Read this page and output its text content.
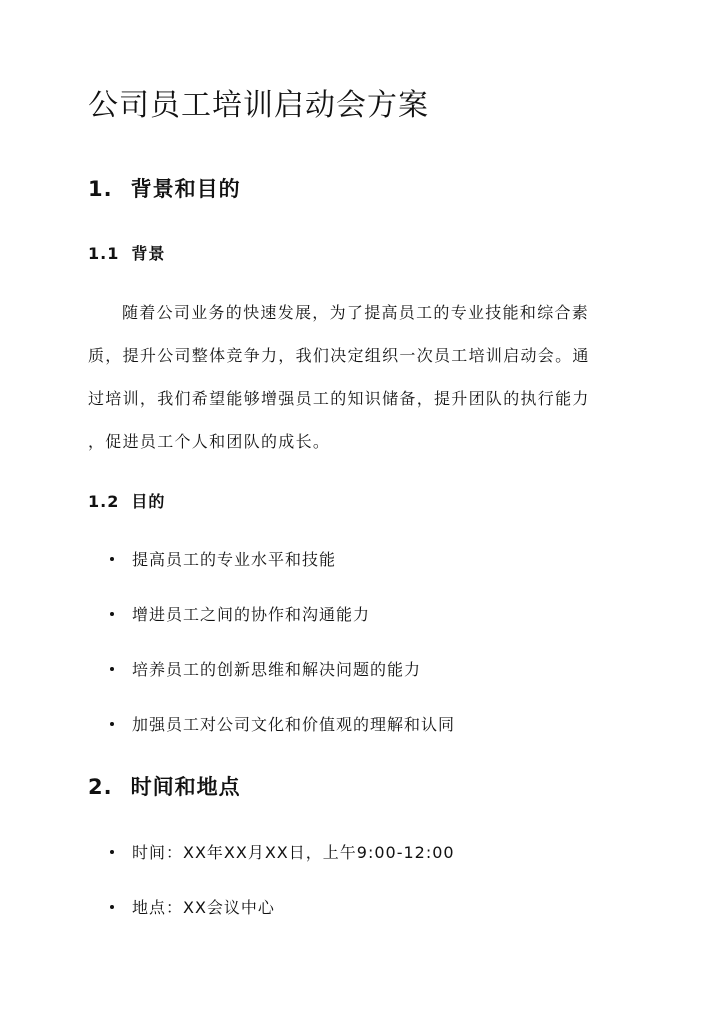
公司员工培训启动会方案
1. 背景和目的
1.1 背景
随着公司业务的快速发展，为了提高员工的专业技能和综合素
质，提升公司整体竞争力，我们决定组织一次员工培训启动会。通
过培训，我们希望能够增强员工的知识储备，提升团队的执行能力
，促进员工个人和团队的成长。
1.2 目的
提高员工的专业水平和技能
增进员工之间的协作和沟通能力
培养员工的创新思维和解决问题的能力
加强员工对公司文化和价值观的理解和认同
2. 时间和地点
时间：XX年XX月XX日，上午9:00-12:00
地点：XX会议中心
